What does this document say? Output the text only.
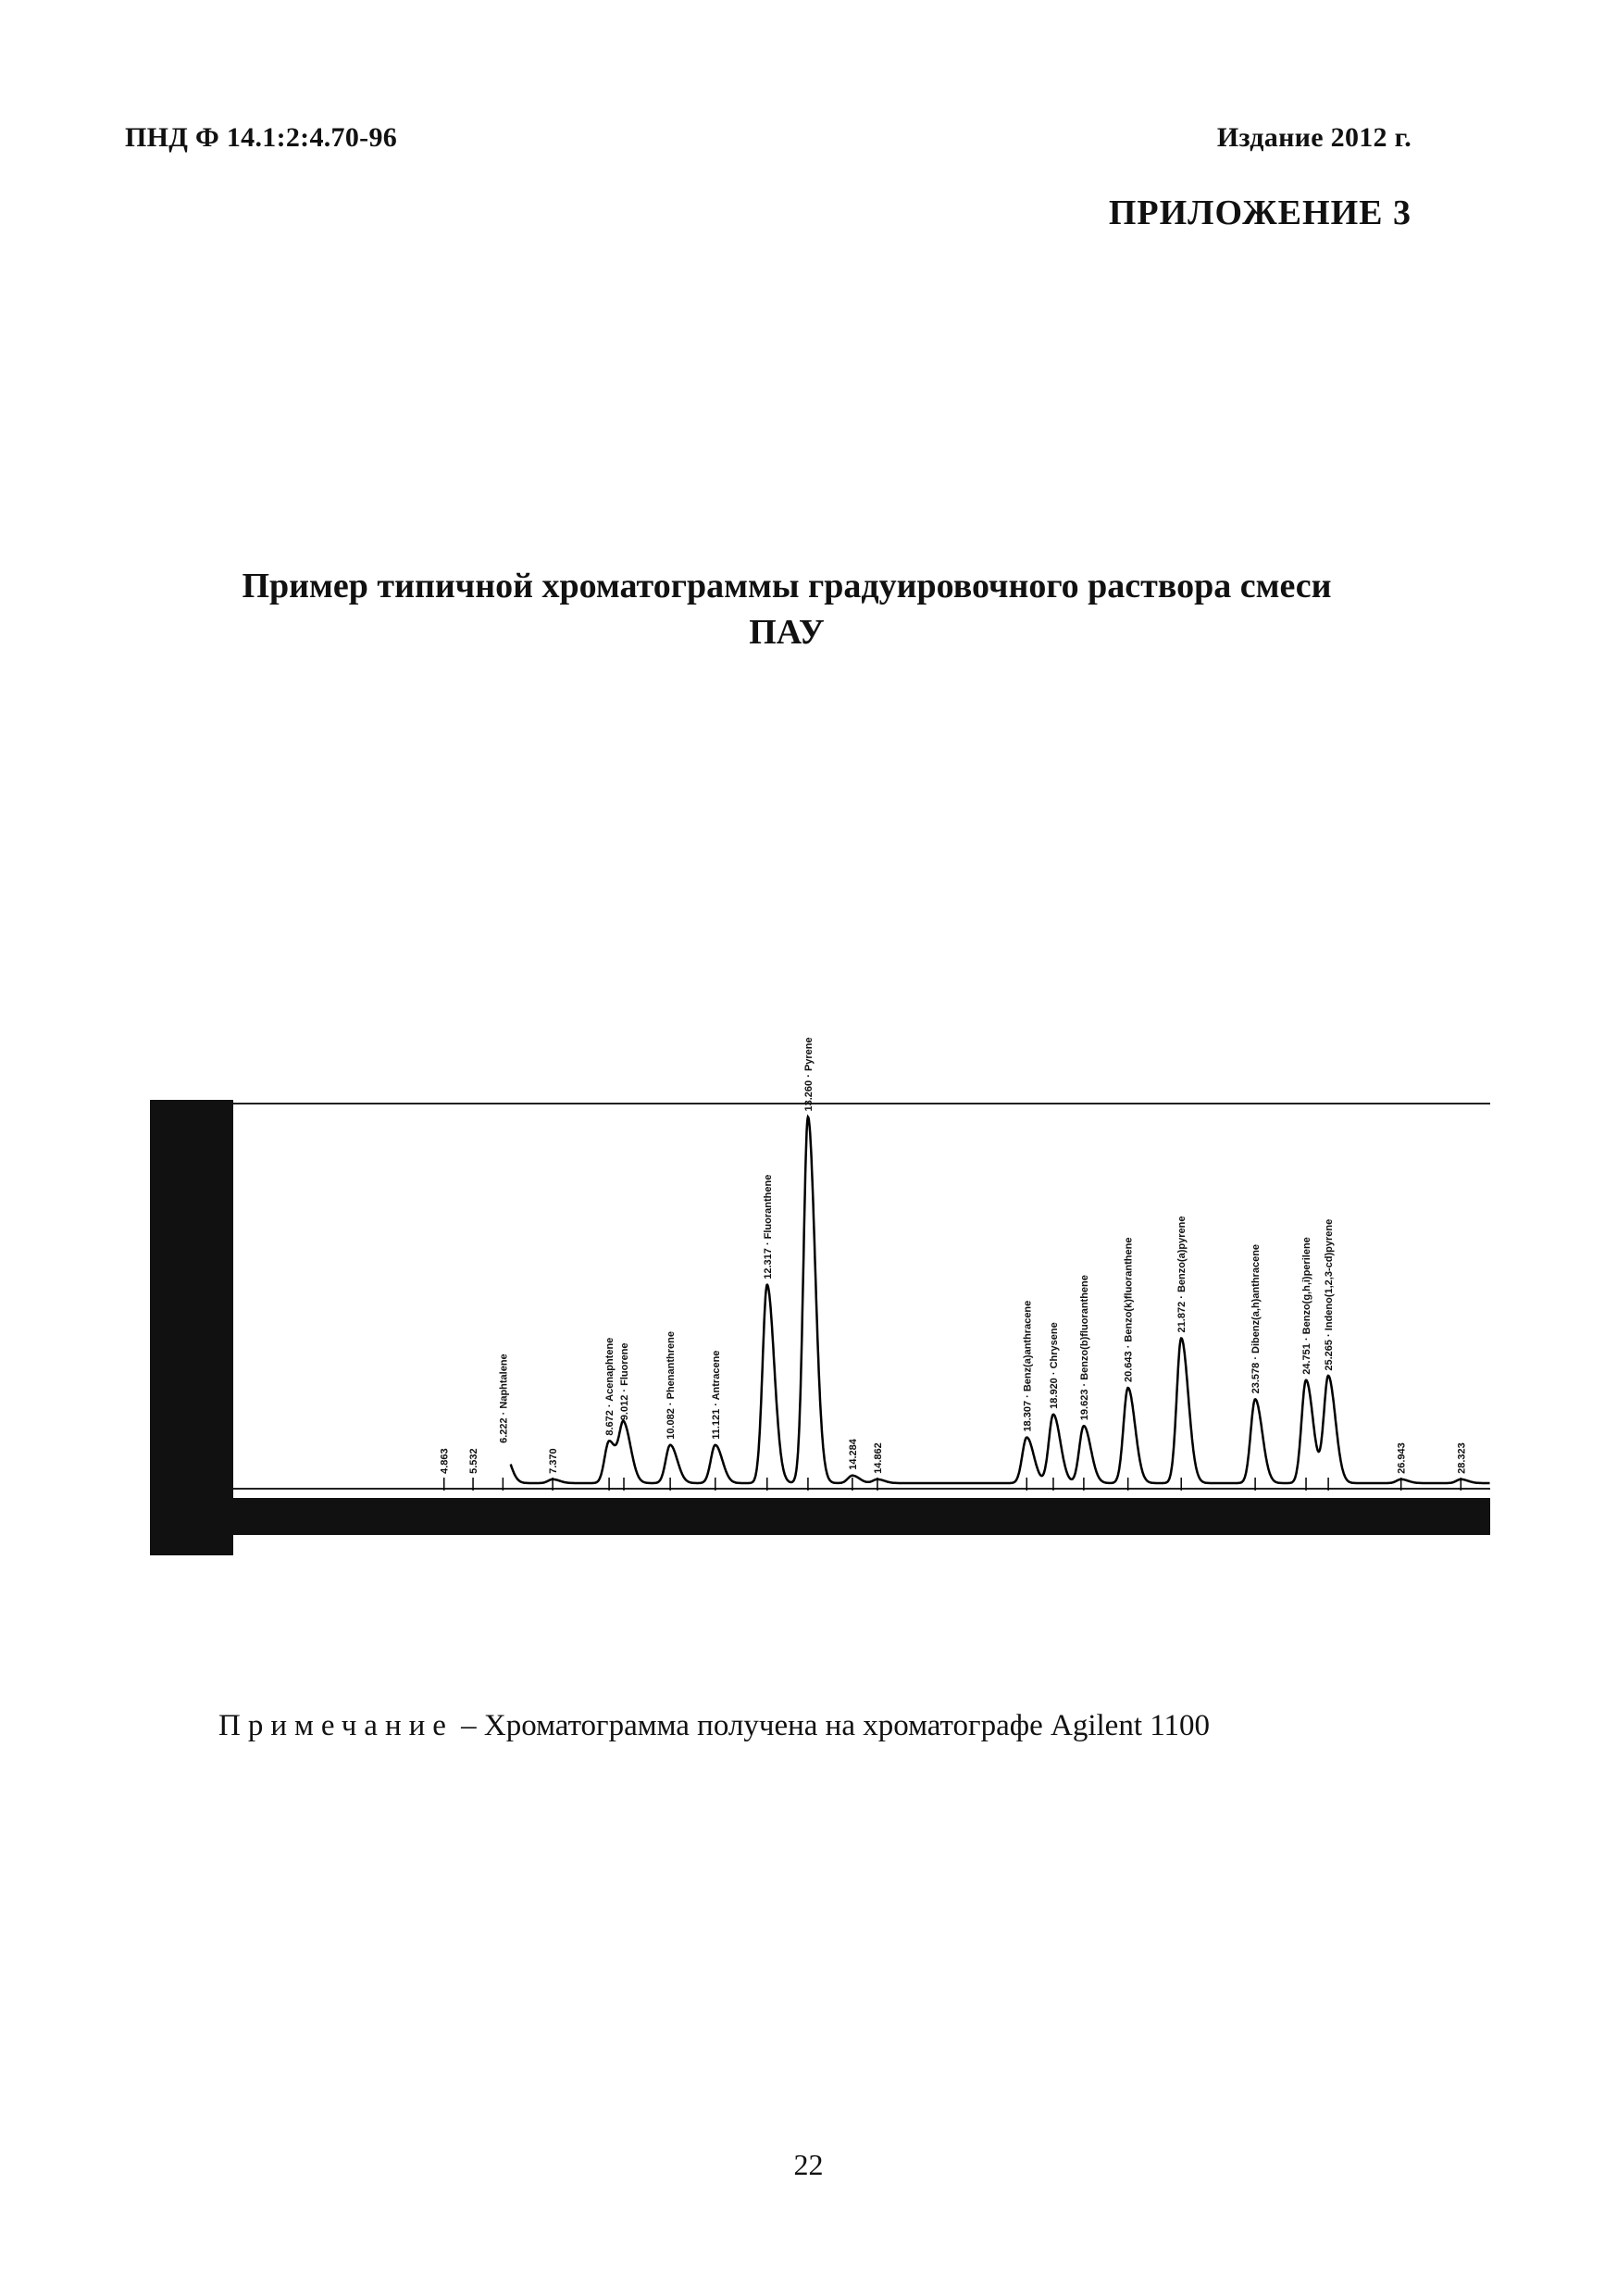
ПНД Ф 14.1:2:4.70-96	Издание 2012 г.
ПРИЛОЖЕНИЕ 3
Пример типичной хроматограммы градуировочного раствора смеси
ПАУ
4.863 5.532
6.222 · Naphtalene
7.370
8.672 · Acenaphtene 9.012 · Fluorene	10.082 · Phenanthrene	11.121 · Antracene
12.317 · Fluoranthene
13.260 · Pyrene
14.284 14.862
18.307 · Benz(a)anthracene 18.920 · Chrysene 19.623 · Benzo(b)fluoranthene	20.643 · Benzo(k)fluoranthene	21.872 · Benzo(a)pyrene	23.578 · Dibenz(a,h)anthracene	24.751 · Benzo(g,h,i)perilene 25.265 · Indeno(1,2,3-cd)pyrene
26.943	28.323
Примечание – Хроматограмма получена на хроматографе Agilent 1100
22
